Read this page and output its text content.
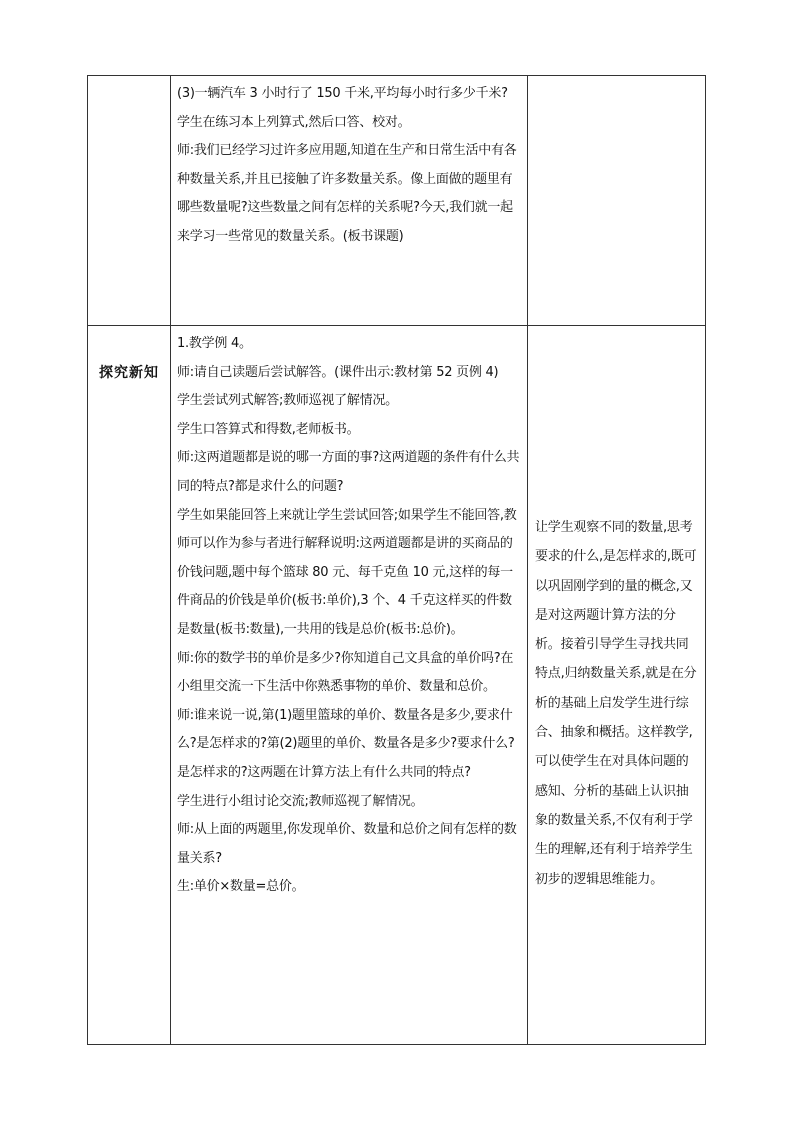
(3)一辆汽车 3 小时行了 150 千米,平均每小时行多少千米?

学生在练习本上列算式,然后口答、校对。

师:我们已经学习过许多应用题,知道在生产和日常生活中有各种数量关系,并且已接触了许多数量关系。像上面做的题里有哪些数量呢?这些数量之间有怎样的关系呢?今天,我们就一起来学习一些常见的数量关系。(板书课题)

探究新知

1.教学例 4。

师:请自己读题后尝试解答。(课件出示:教材第 52 页例 4)

学生尝试列式解答;教师巡视了解情况。

学生口答算式和得数,老师板书。

师:这两道题都是说的哪一方面的事?这两道题的条件有什么共同的特点?都是求什么的问题?

学生如果能回答上来就让学生尝试回答;如果学生不能回答,教师可以作为参与者进行解释说明:这两道题都是讲的买商品的价钱问题,题中每个篮球 80 元、每千克鱼 10 元,这样的每一件商品的价钱是单价(板书:单价),3 个、4 千克这样买的件数是数量(板书:数量),一共用的钱是总价(板书:总价)。

师:你的数学书的单价是多少?你知道自己文具盒的单价吗?在小组里交流一下生活中你熟悉事物的单价、数量和总价。

师:谁来说一说,第(1)题里篮球的单价、数量各是多少,要求什么?是怎样求的?第(2)题里的单价、数量各是多少?要求什么?是怎样求的?这两题在计算方法上有什么共同的特点?

学生进行小组讨论交流;教师巡视了解情况。

师:从上面的两题里,你发现单价、数量和总价之间有怎样的数量关系?

生:单价×数量=总价。

让学生观察不同的数量,思考要求的什么,是怎样求的,既可以巩固刚学到的量的概念,又是对这两题计算方法的分析。接着引导学生寻找共同特点,归纳数量关系,就是在分析的基础上启发学生进行综合、抽象和概括。这样教学,可以使学生在对具体问题的感知、分析的基础上认识抽象的数量关系,不仅有利于学生的理解,还有利于培养学生初步的逻辑思维能力。
